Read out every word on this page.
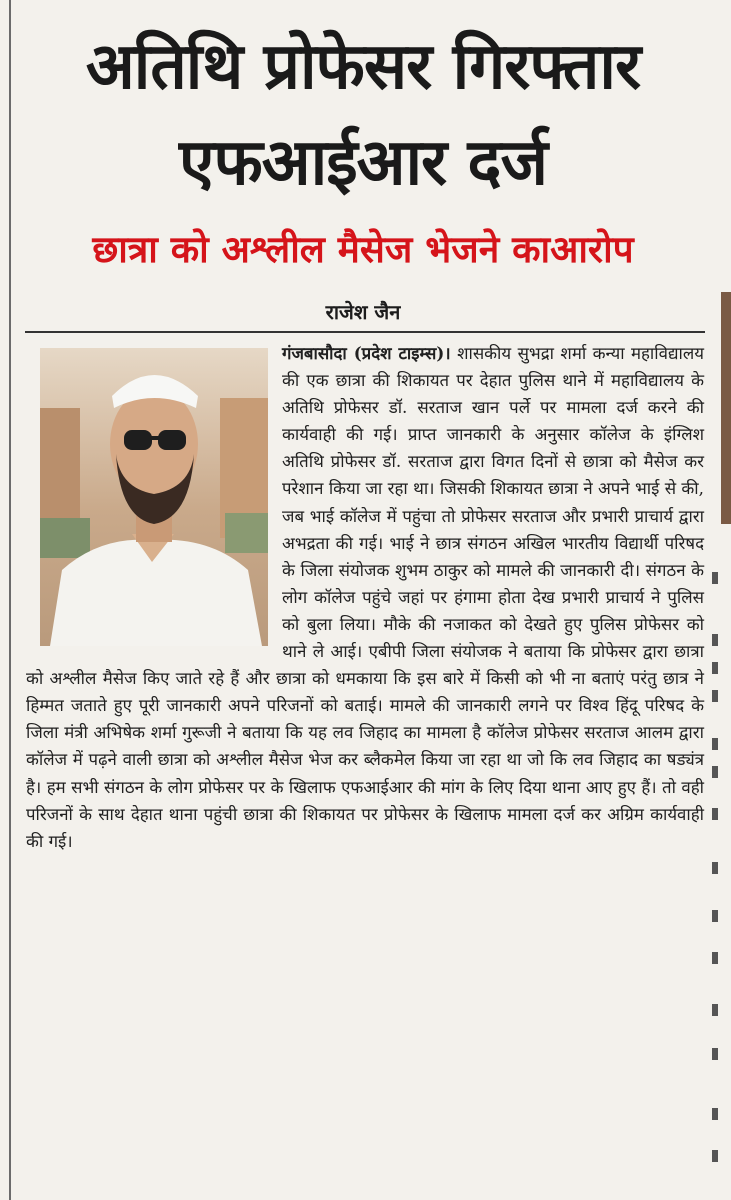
अतिथि प्रोफेसर गिरफ्तार
एफआईआर दर्ज
छात्रा को अश्लील मैसेज भेजने काआरोप
राजेश जैन

गंजबासौदा (प्रदेश टाइम्स)। शासकीय सुभद्रा शर्मा कन्या महाविद्यालय की एक छात्रा की शिकायत पर देहात पुलिस थाने में महाविद्यालय के अतिथि प्रोफेसर डॉ. सरताज खान पर्ले पर मामला दर्ज करने की कार्यवाही की गई। प्राप्त जानकारी के अनुसार कॉलेज के इंग्लिश अतिथि प्रोफेसर डॉ. सरताज द्वारा विगत दिनों से छात्रा को मैसेज कर परेशान किया जा रहा था। जिसकी शिकायत छात्रा ने अपने भाई से की, जब भाई कॉलेज में पहुंचा तो प्रोफेसर सरताज और प्रभारी प्राचार्य द्वारा अभद्रता की गई। भाई ने छात्र संगठन अखिल भारतीय विद्यार्थी परिषद के जिला संयोजक शुभम ठाकुर को मामले की जानकारी दी। संगठन के लोग कॉलेज पहुंचे जहां पर हंगामा होता देख प्रभारी प्राचार्य ने पुलिस को बुला लिया। मौके की नजाकत को देखते हुए पुलिस प्रोफेसर को थाने ले आई। एबीपी जिला संयोजक ने बताया कि प्रोफेसर द्वारा छात्रा को अश्लील मैसेज किए जाते रहे हैं और छात्रा को धमकाया कि इस बारे में किसी को भी ना बताएं परंतु छात्र ने हिम्मत जताते हुए पूरी जानकारी अपने परिजनों को बताई। मामले की जानकारी लगने पर विश्व हिंदू परिषद के जिला मंत्री अभिषेक शर्मा गुरूजी ने बताया कि यह लव जिहाद का मामला है कॉलेज प्रोफेसर सरताज आलम द्वारा कॉलेज में पढ़ने वाली छात्रा को अश्लील मैसेज भेज कर ब्लैकमेल किया जा रहा था जो कि लव जिहाद का षड्यंत्र है। हम सभी संगठन के लोग प्रोफेसर पर के खिलाफ एफआईआर की मांग के लिए दिया थाना आए हुए हैं। तो वही परिजनों के साथ देहात थाना पहुंची छात्रा की शिकायत पर प्रोफेसर के खिलाफ मामला दर्ज कर अग्रिम कार्यवाही की गई।
